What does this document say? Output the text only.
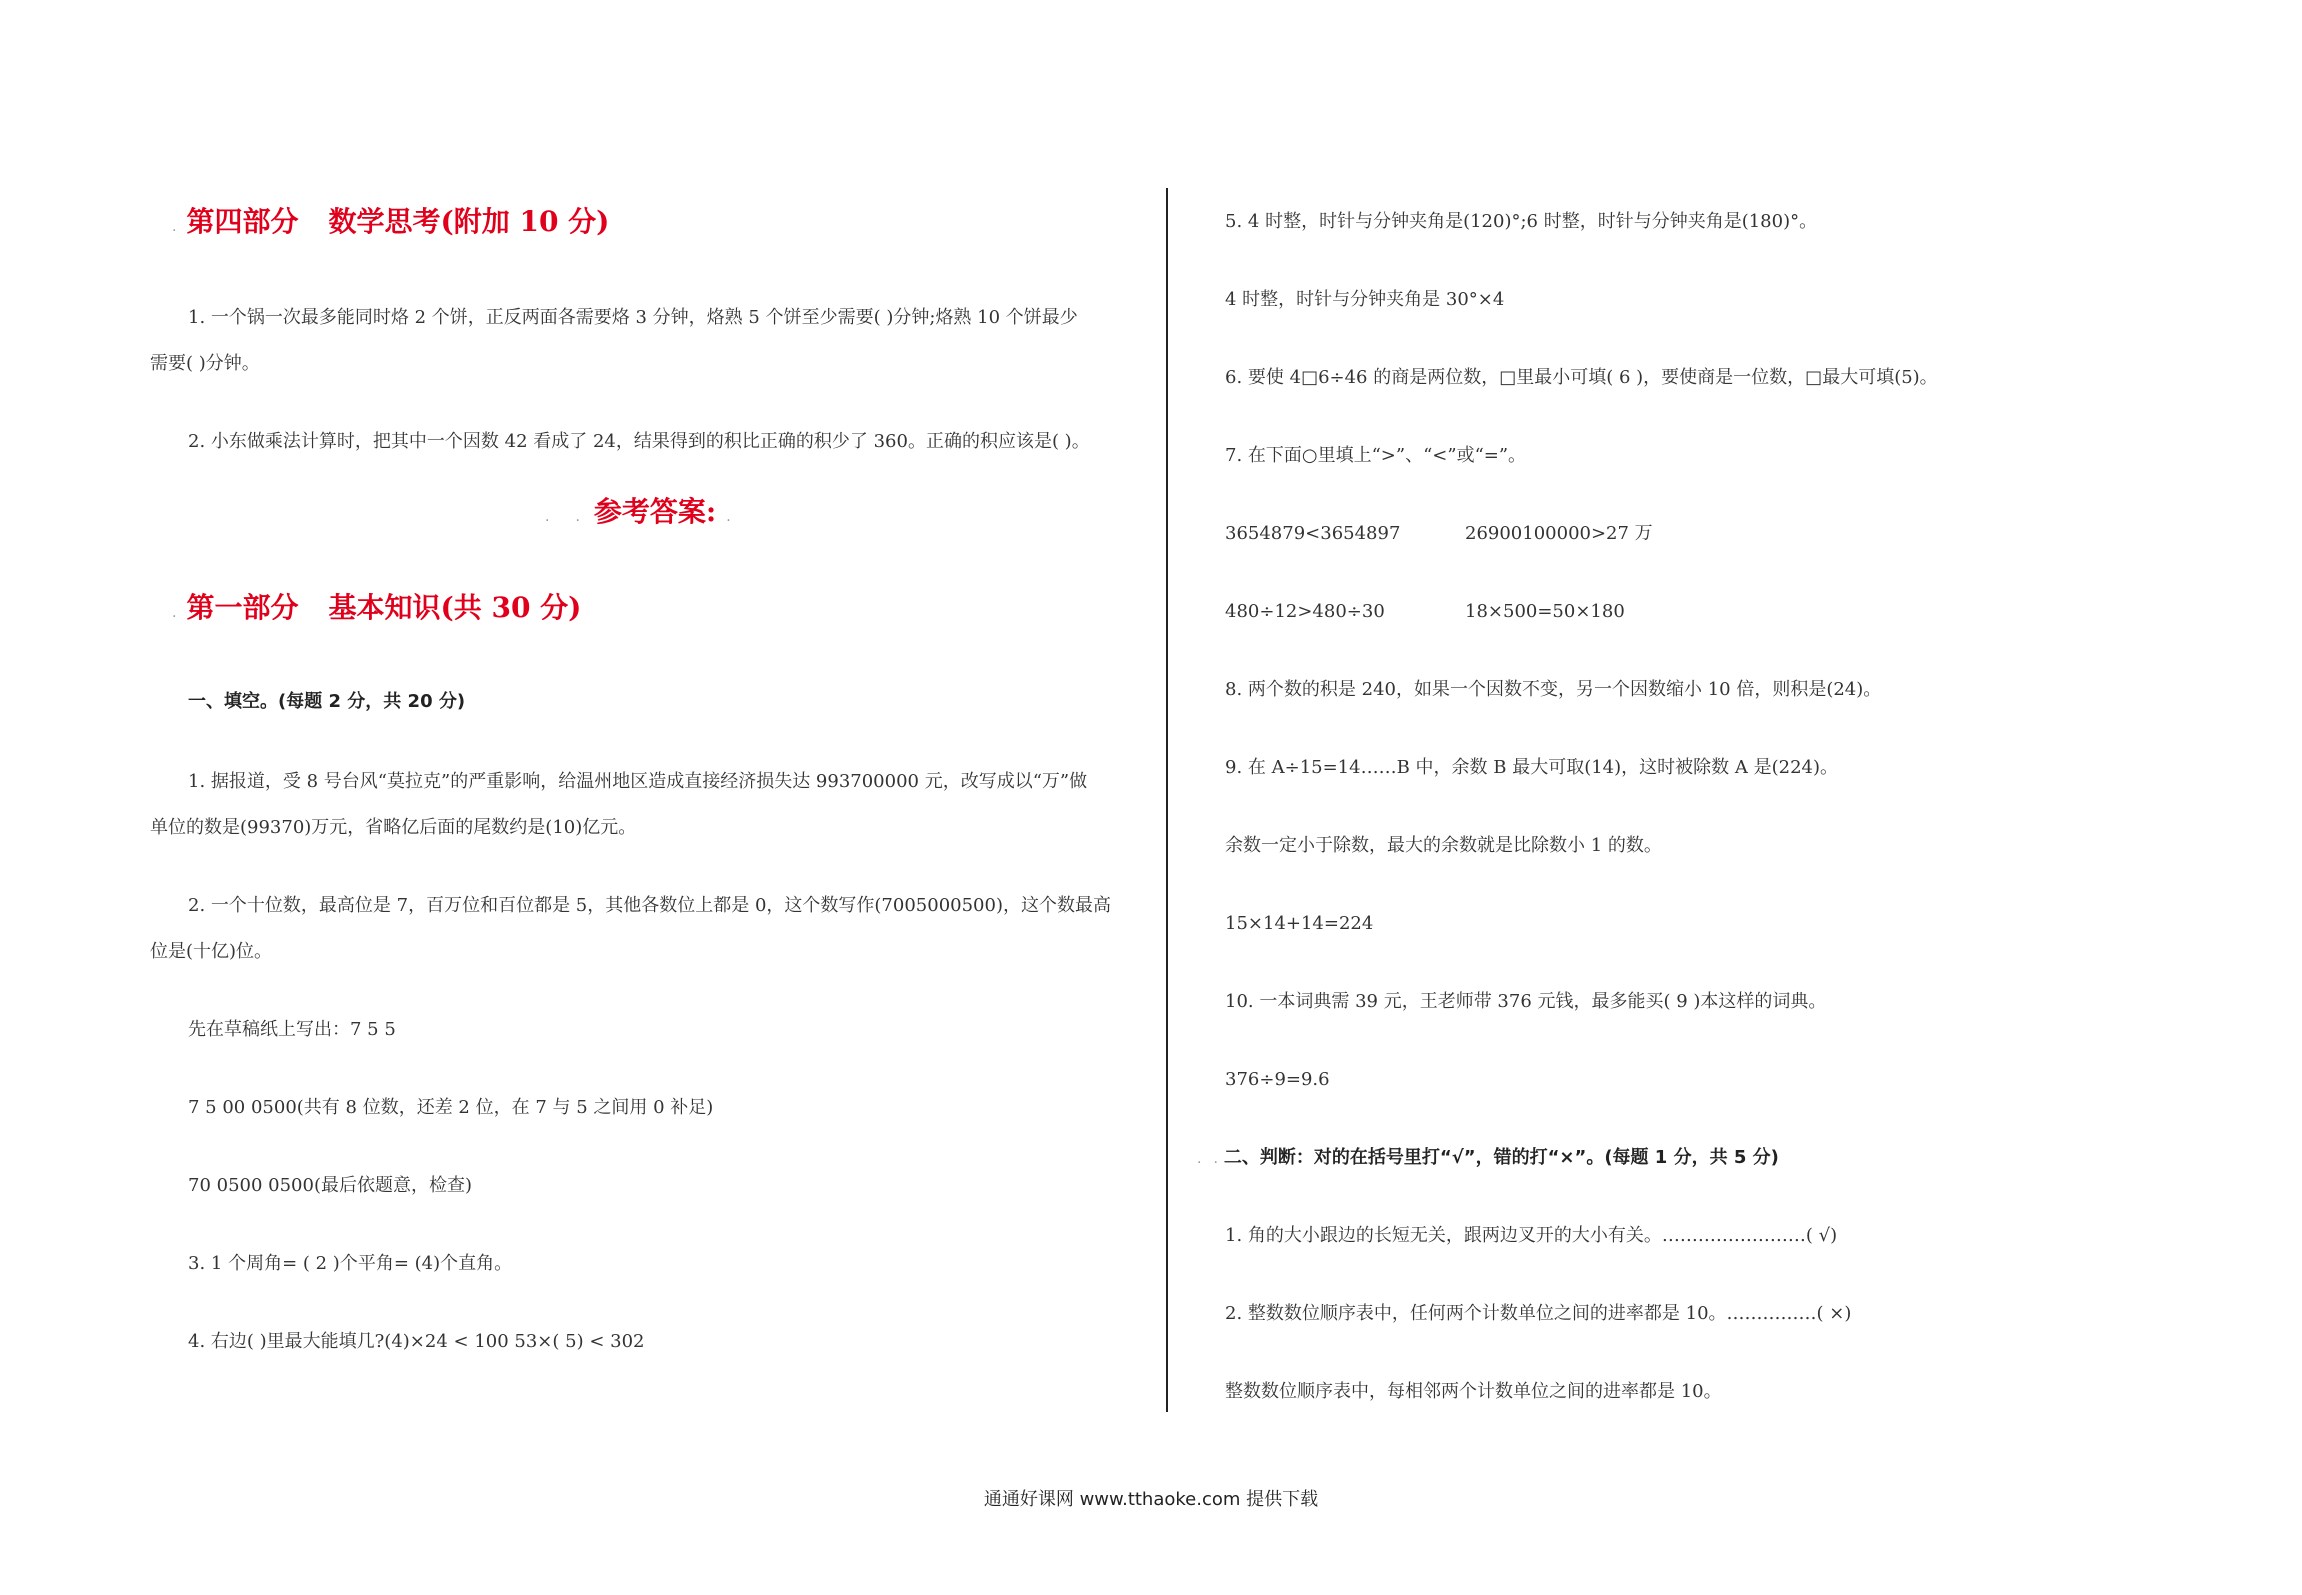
. 第四部分 数学思考(附加 10 分)
1. 一个锅一次最多能同时烙 2 个饼，正反两面各需要烙 3 分钟，烙熟 5 个饼至少需要( )分钟;烙熟 10 个饼最少
需要( )分钟。
2. 小东做乘法计算时，把其中一个因数 42 看成了 24，结果得到的积比正确的积少了 360。正确的积应该是( )。
. . 参考答案: .
. 第一部分 基本知识(共 30 分)
一、填空。(每题 2 分，共 20 分)
1. 据报道，受 8 号台风“莫拉克”的严重影响，给温州地区造成直接经济损失达 993700000 元，改写成以“万”做
单位的数是(99370)万元，省略亿后面的尾数约是(10)亿元。
2. 一个十位数，最高位是 7，百万位和百位都是 5，其他各数位上都是 0，这个数写作(7005000500)，这个数最高
位是(十亿)位。
先在草稿纸上写出：7 5 5
7 5 00 0500(共有 8 位数，还差 2 位，在 7 与 5 之间用 0 补足)
70 0500 0500(最后依题意，检查)
3. 1 个周角= ( 2 )个平角= (4)个直角。
4. 右边( )里最大能填几?(4)×24 < 100 53×( 5) < 302
5. 4 时整，时针与分钟夹角是(120)°;6 时整，时针与分钟夹角是(180)°。
4 时整，时针与分钟夹角是 30°×4
6. 要使 4□6÷46 的商是两位数，□里最小可填( 6 )，要使商是一位数，□最大可填(5)。
7. 在下面○里填上“>”、“<”或“=”。
3654879<3654897	26900100000>27 万
480÷12>480÷30	18×500=50×180
8. 两个数的积是 240，如果一个因数不变，另一个因数缩小 10 倍，则积是(24)。
9. 在 A÷15=14……B 中，余数 B 最大可取(14)，这时被除数 A 是(224)。
余数一定小于除数，最大的余数就是比除数小 1 的数。
15×14+14=224
10. 一本词典需 39 元，王老师带 376 元钱，最多能买( 9 )本这样的词典。
376÷9=9.6
. . 二、判断：对的在括号里打“√”，错的打“×”。(每题 1 分，共 5 分)
1. 角的大小跟边的长短无关，跟两边叉开的大小有关。……………………( √)
2. 整数数位顺序表中，任何两个计数单位之间的进率都是 10。……………( ×)
整数数位顺序表中，每相邻两个计数单位之间的进率都是 10。
通通好课网 www.tthaoke.com 提供下载
